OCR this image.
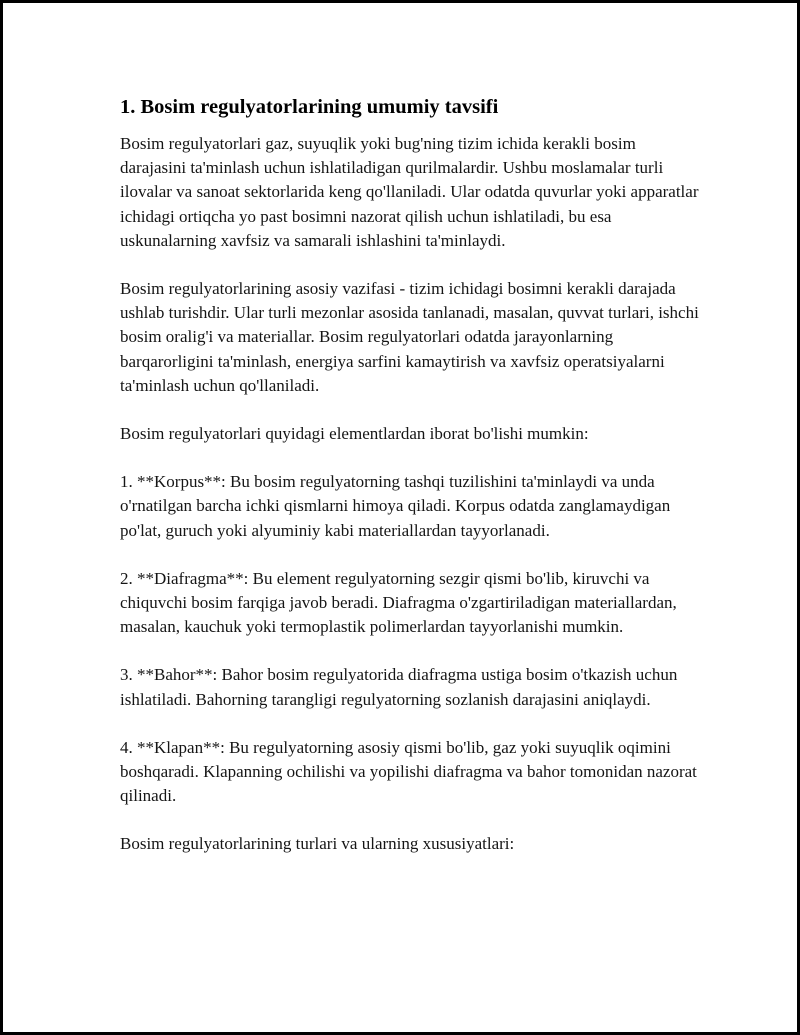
1. Bosim regulyatorlarining umumiy tavsifi

Bosim regulyatorlari gaz, suyuqlik yoki bug'ning tizim ichida kerakli bosim darajasini ta'minlash uchun ishlatiladigan qurilmalardir. Ushbu moslamalar turli ilovalar va sanoat sektorlarida keng qo'llaniladi. Ular odatda quvurlar yoki apparatlar ichidagi ortiqcha yo past bosimni nazorat qilish uchun ishlatiladi, bu esa uskunalarning xavfsiz va samarali ishlashini ta'minlaydi.

Bosim regulyatorlarining asosiy vazifasi - tizim ichidagi bosimni kerakli darajada ushlab turishdir. Ular turli mezonlar asosida tanlanadi, masalan, quvvat turlari, ishchi bosim oralig'i va materiallar. Bosim regulyatorlari odatda jarayonlarning barqarorligini ta'minlash, energiya sarfini kamaytirish va xavfsiz operatsiyalarni ta'minlash uchun qo'llaniladi.

Bosim regulyatorlari quyidagi elementlardan iborat bo'lishi mumkin:

1. **Korpus**: Bu bosim regulyatorning tashqi tuzilishini ta'minlaydi va unda o'rnatilgan barcha ichki qismlarni himoya qiladi. Korpus odatda zanglamaydigan po'lat, guruch yoki alyuminiy kabi materiallardan tayyorlanadi.

2. **Diafragma**: Bu element regulyatorning sezgir qismi bo'lib, kiruvchi va chiquvchi bosim farqiga javob beradi. Diafragma o'zgartiriladigan materiallardan, masalan, kauchuk yoki termoplastik polimerlardan tayyorlanishi mumkin.

3. **Bahor**: Bahor bosim regulyatorida diafragma ustiga bosim o'tkazish uchun ishlatiladi. Bahorning tarangligi regulyatorning sozlanish darajasini aniqlaydi.

4. **Klapan**: Bu regulyatorning asosiy qismi bo'lib, gaz yoki suyuqlik oqimini boshqaradi. Klapanning ochilishi va yopilishi diafragma va bahor tomonidan nazorat qilinadi.

Bosim regulyatorlarining turlari va ularning xususiyatlari:
